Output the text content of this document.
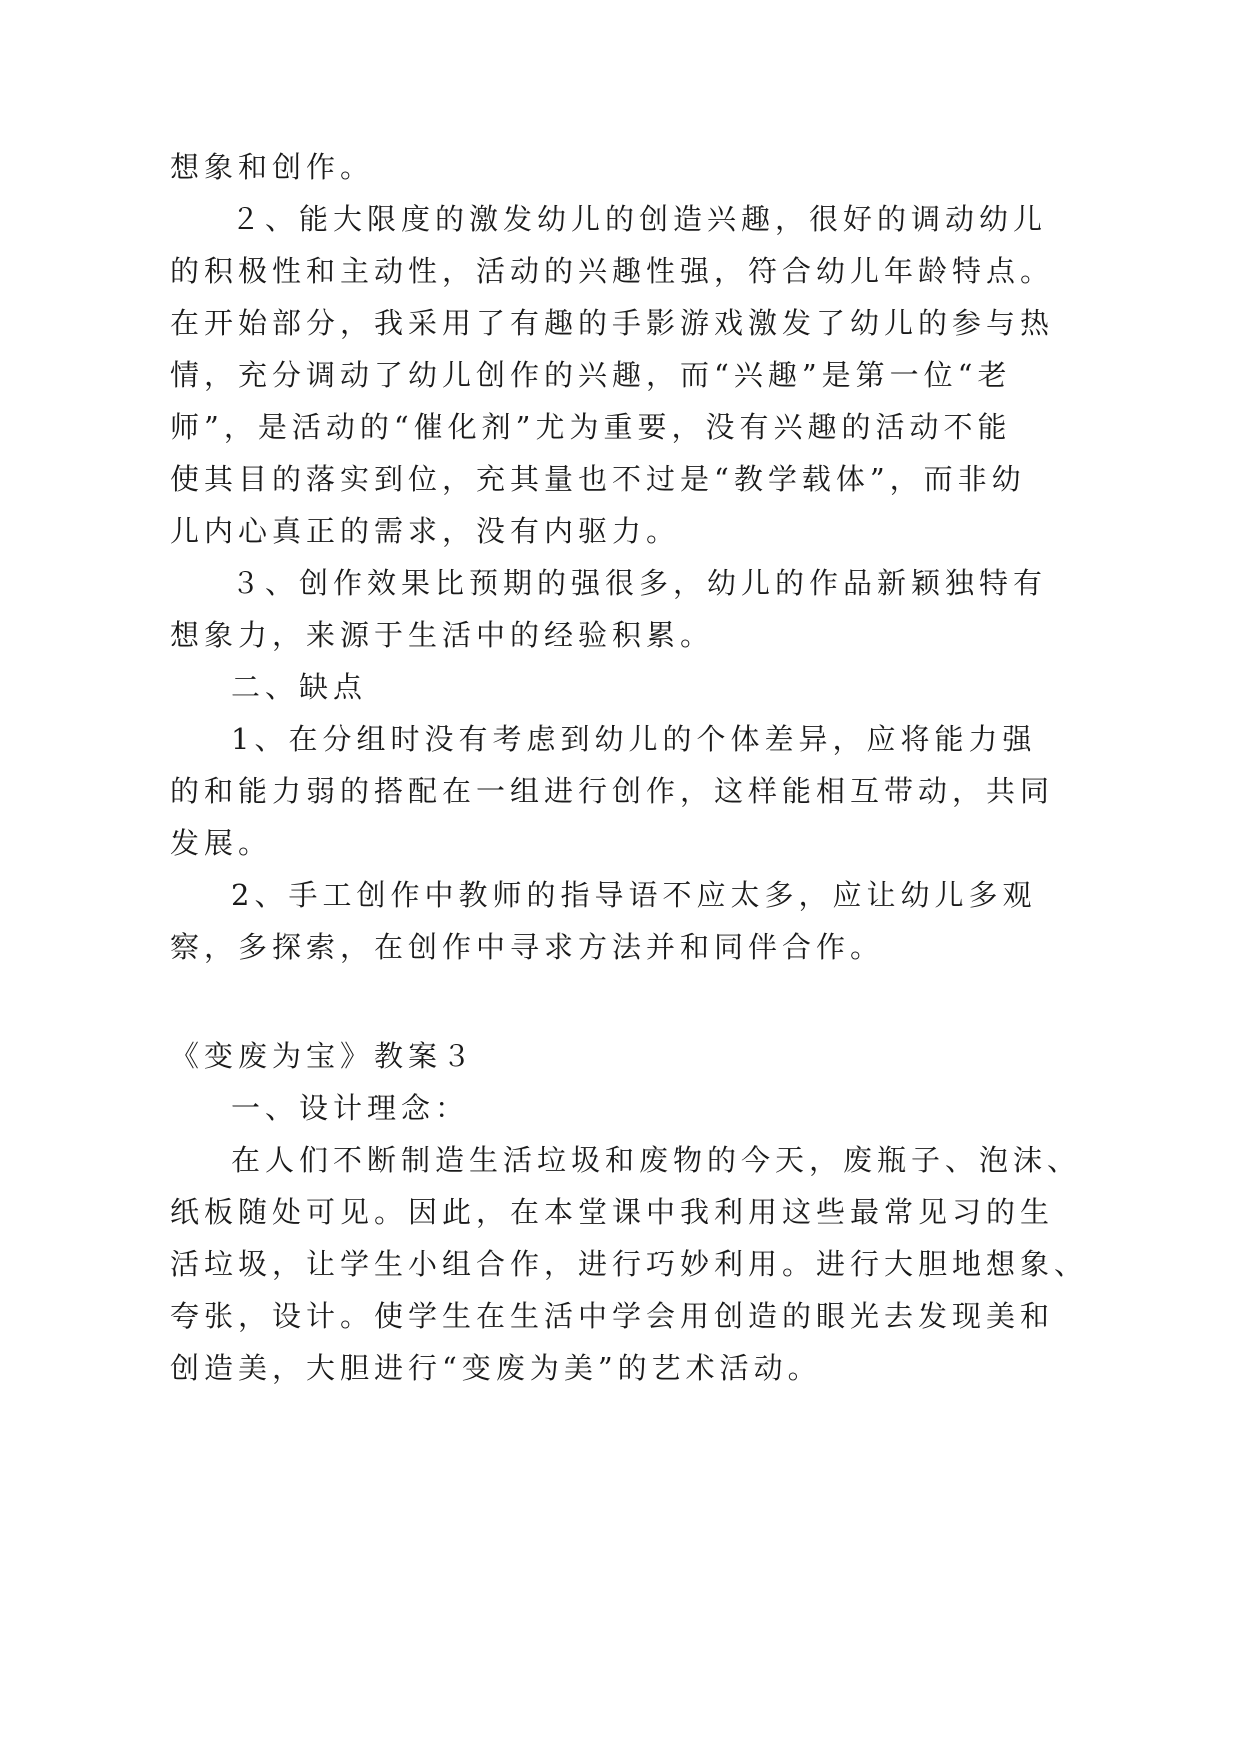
想象和创作。

２、能大限度的激发幼儿的创造兴趣，很好的调动幼儿

的积极性和主动性，活动的兴趣性强，符合幼儿年龄特点。

在开始部分，我采用了有趣的手影游戏激发了幼儿的参与热

情，充分调动了幼儿创作的兴趣，而“兴趣”是第一位“老

师”，是活动的“催化剂”尤为重要，没有兴趣的活动不能

使其目的落实到位，充其量也不过是“教学载体”，而非幼

儿内心真正的需求，没有内驱力。

３、创作效果比预期的强很多，幼儿的作品新颖独特有

想象力，来源于生活中的经验积累。

二、缺点

1、在分组时没有考虑到幼儿的个体差异，应将能力强

的和能力弱的搭配在一组进行创作，这样能相互带动，共同

发展。

2、手工创作中教师的指导语不应太多，应让幼儿多观

察，多探索，在创作中寻求方法并和同伴合作。

《变废为宝》教案３

一、设计理念：

在人们不断制造生活垃圾和废物的今天，废瓶子、泡沫、

纸板随处可见。因此，在本堂课中我利用这些最常见习的生

活垃圾，让学生小组合作，进行巧妙利用。进行大胆地想象、

夸张，设计。使学生在生活中学会用创造的眼光去发现美和

创造美，大胆进行“变废为美”的艺术活动。
